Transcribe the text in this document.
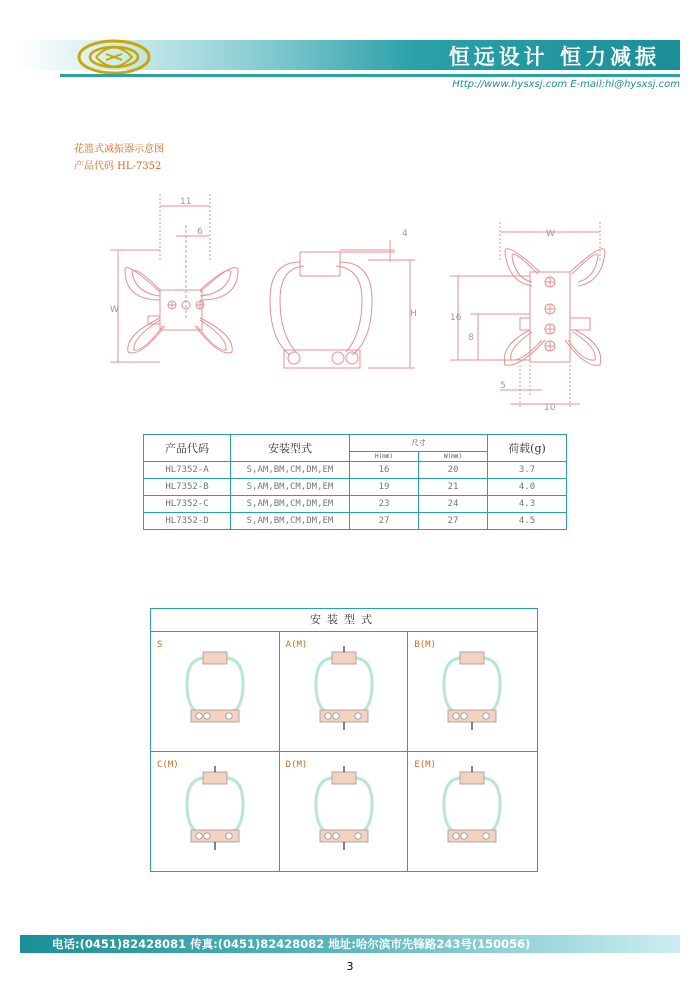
恒远设计 恒力减振
Http://www.hysxsj.com E-mail:hl@hysxsj.com
花篮式减振器示意图
产品代码 HL-7352
11
6
W
4
H
W
16
8
5
10
产品代码	安装型式	尺寸		荷载(g)
		H(mm)	W(mm)	
HL7352-A	S,AM,BM,CM,DM,EM	16	20	3.7
HL7352-B	S,AM,BM,CM,DM,EM	19	21	4.0
HL7352-C	S,AM,BM,CM,DM,EM	23	24	4.3
HL7352-D	S,AM,BM,CM,DM,EM	27	27	4.5
安装型式
S	A(M)	B(M)
C(M)	D(M)	E(M)
电话:(0451)82428081 传真:(0451)82428082 地址:哈尔滨市先锋路243号(150056)
3
